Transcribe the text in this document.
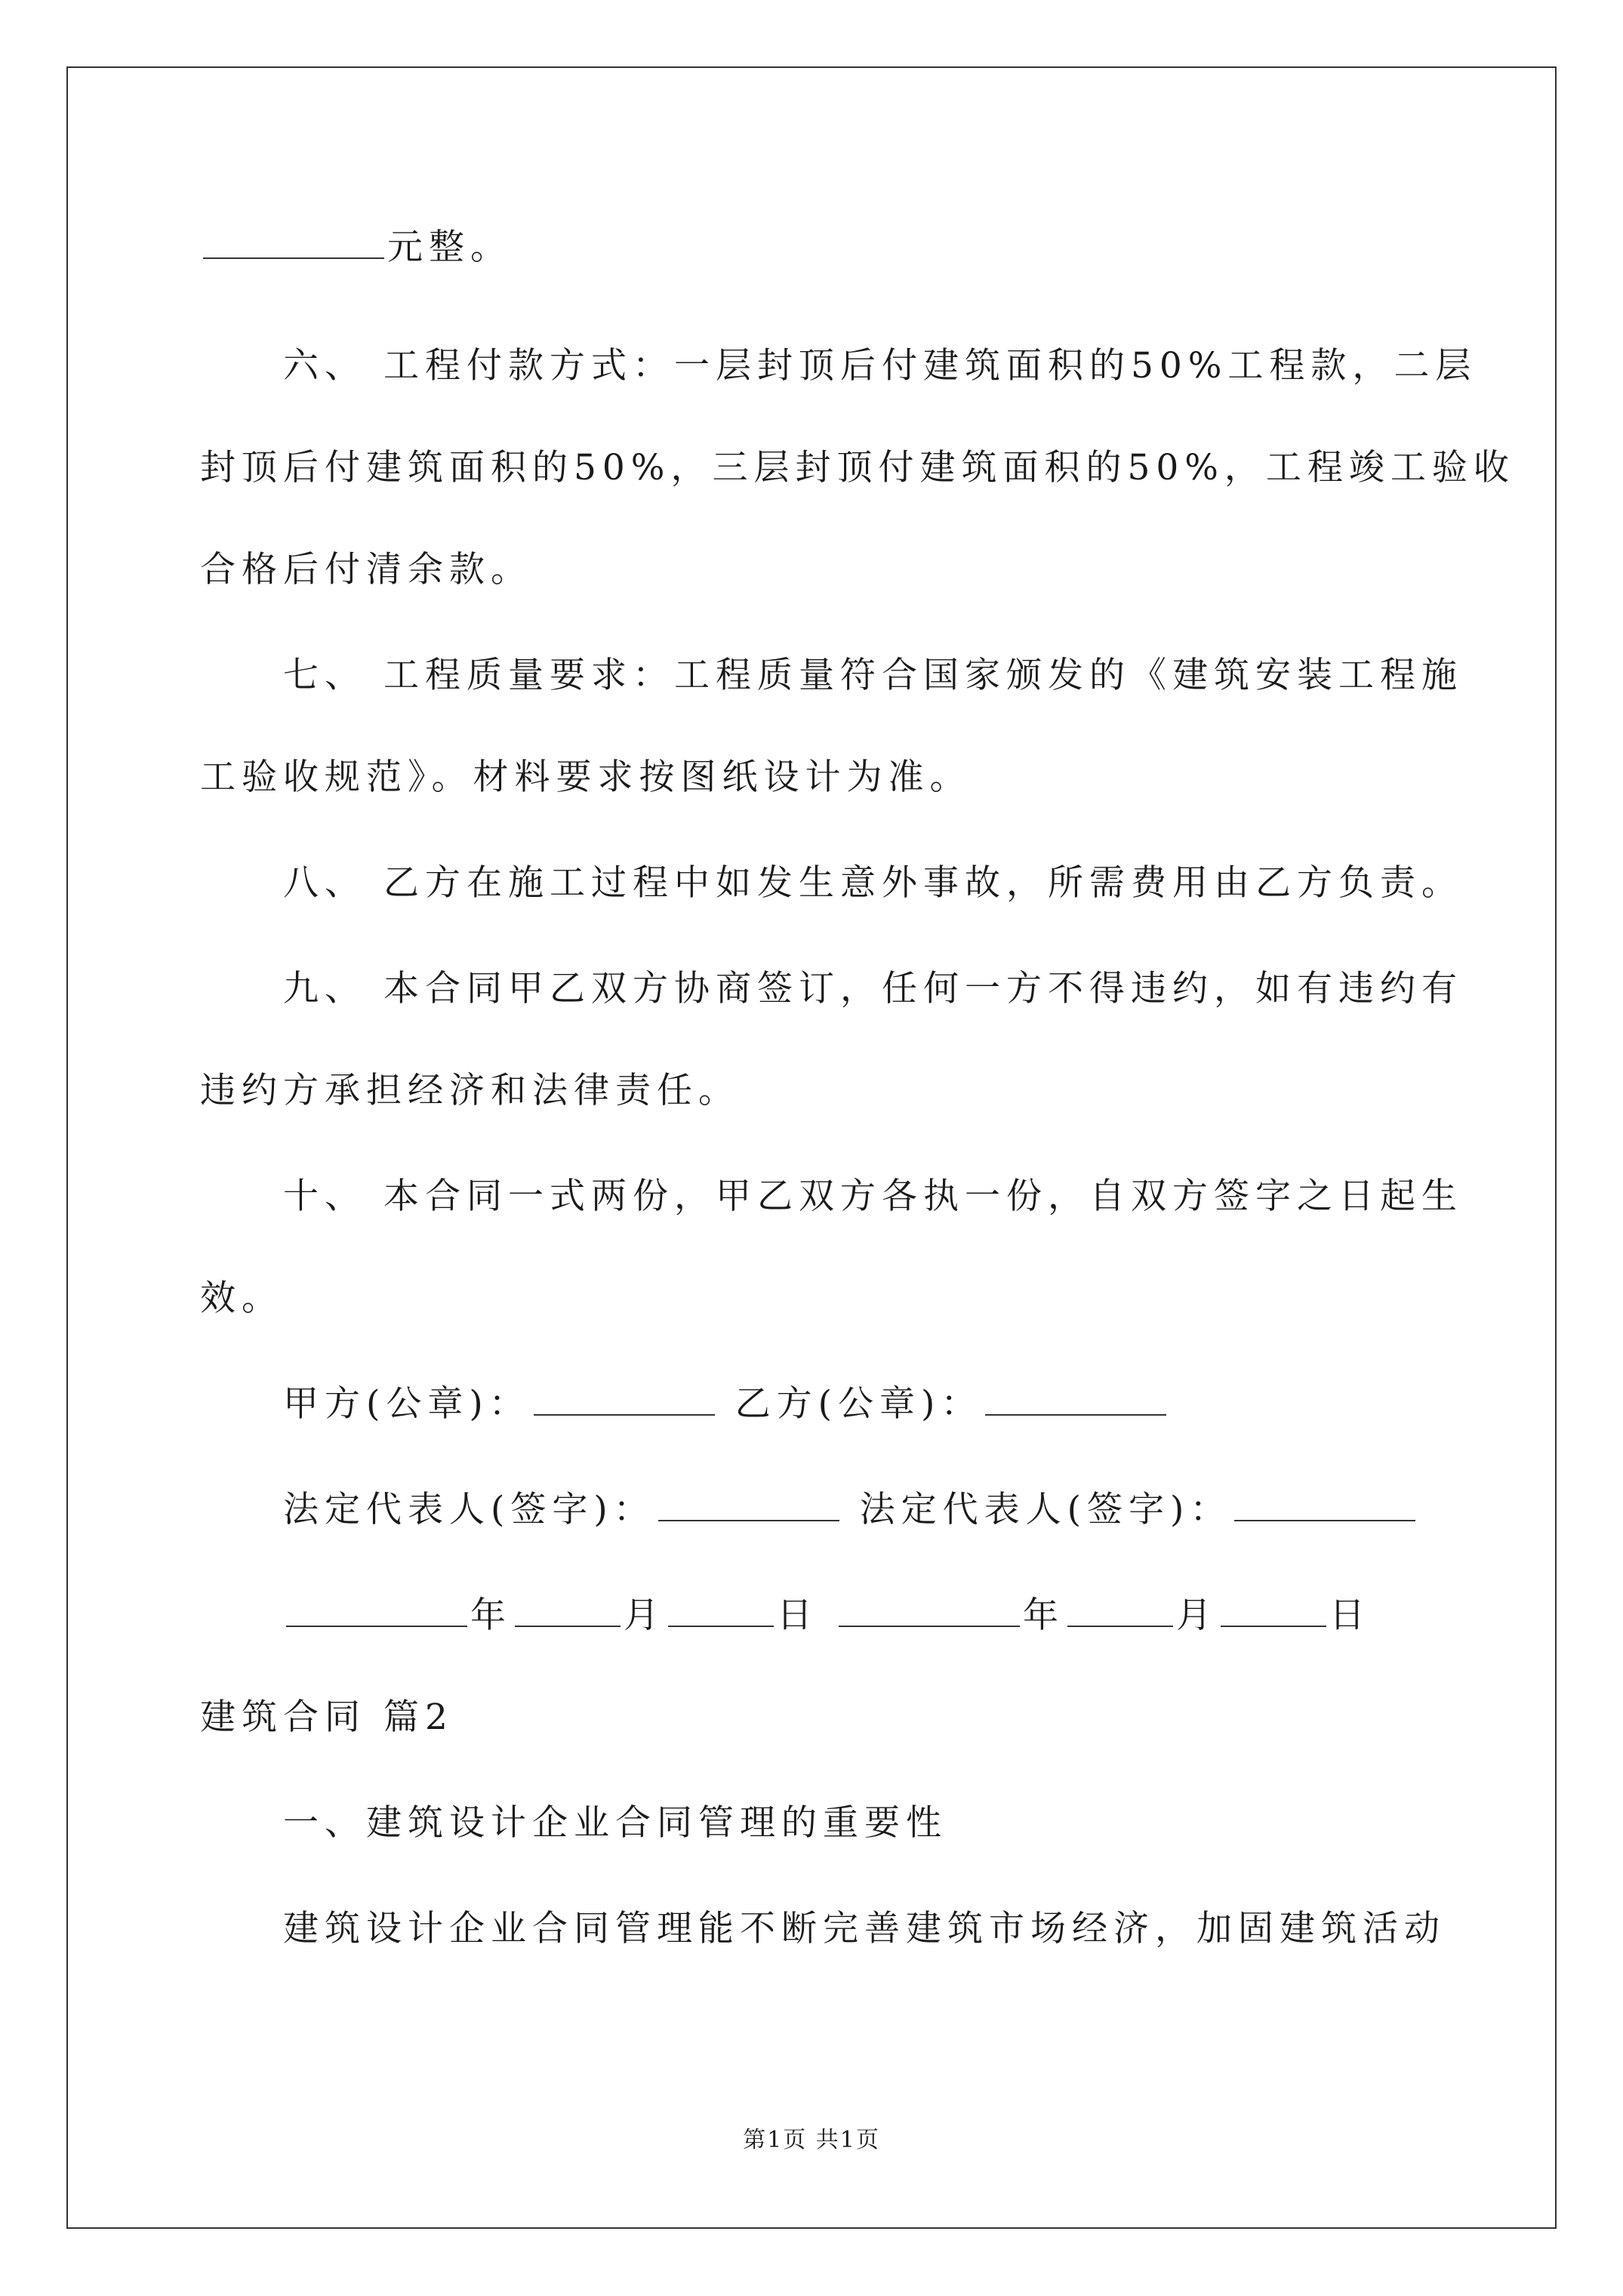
元整。
六、 工程付款方式：一层封顶后付建筑面积的50%工程款，二层
封顶后付建筑面积的50%，三层封顶付建筑面积的50%，工程竣工验收
合格后付清余款。
七、 工程质量要求：工程质量符合国家颁发的《建筑安装工程施
工验收规范》。材料要求按图纸设计为准。
八、 乙方在施工过程中如发生意外事故，所需费用由乙方负责。
九、 本合同甲乙双方协商签订，任何一方不得违约，如有违约有
违约方承担经济和法律责任。
十、 本合同一式两份，甲乙双方各执一份，自双方签字之日起生
效。
甲方(公章)：	乙方(公章)：
法定代表人(签字)：	法定代表人(签字)：
年	月	日	年	月	日
建筑合同 篇2
一、建筑设计企业合同管理的重要性
建筑设计企业合同管理能不断完善建筑市场经济，加固建筑活动
第1页 共1页
